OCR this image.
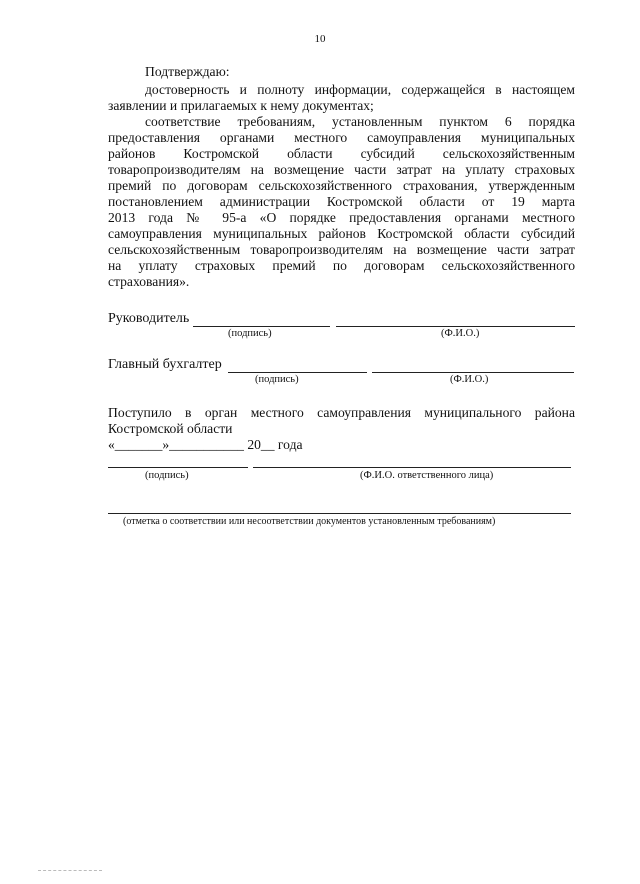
10
Подтверждаю:
достоверность и полноту информации, содержащейся в настоящем
заявлении и прилагаемых к нему документах;
соответствие требованиям, установленным пунктом 6 порядка
предоставления органами местного самоуправления муниципальных
районов Костромской области субсидий сельскохозяйственным
товаропроизводителям на возмещение части затрат на уплату страховых
премий по договорам сельскохозяйственного страхования, утвержденным
постановлением администрации Костромской области от 19 марта
2013 года № 95-а «О порядке предоставления органами местного
самоуправления муниципальных районов Костромской области субсидий
сельскохозяйственным товаропроизводителям на возмещение части затрат
на уплату страховых премий по договорам сельскохозяйственного
страхования».
Руководитель
(подпись)	(Ф.И.О.)
Главный бухгалтер
(подпись)	(Ф.И.О.)
Поступило в орган местного самоуправления муниципального района
Костромской области
«_______»___________ 20__ года
(подпись)	(Ф.И.О. ответственного лица)
(отметка о соответствии или несоответствии документов установленным требованиям)
